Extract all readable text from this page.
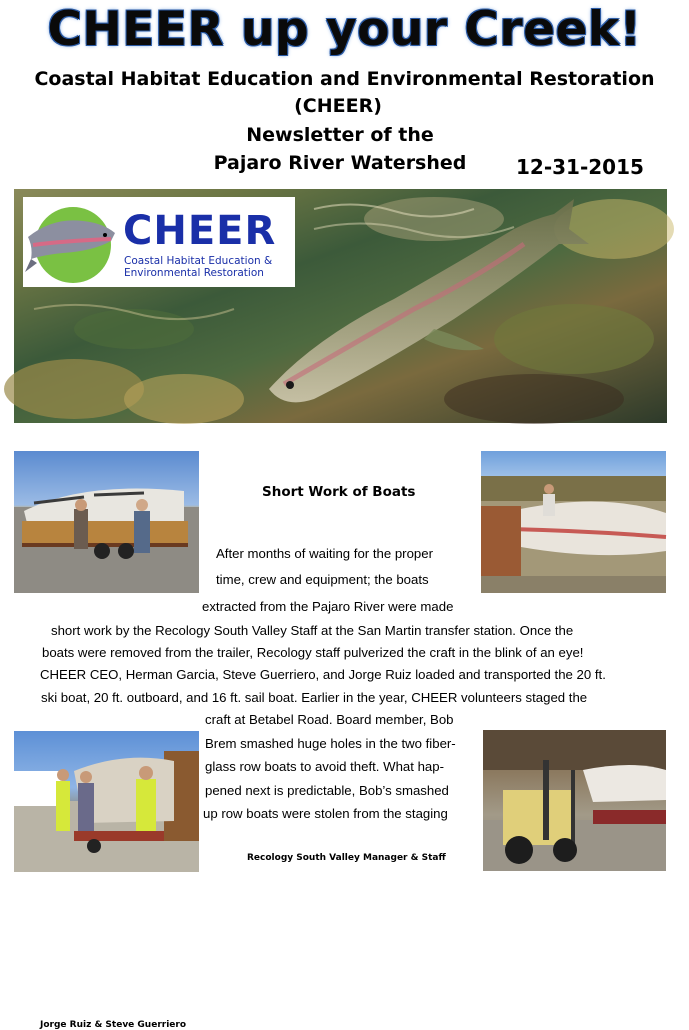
CHEER up your Creek!
Coastal Habitat Education and Environmental Restoration
(CHEER)
Newsletter of the
Pajaro River Watershed 12-31-2015
CHEER
Coastal Habitat Education &
Environmental Restoration
Jorge Ruiz & Steve Guerriero
Short Work of Boats
After months of waiting for the proper
time, crew and equipment; the boats
extracted from the Pajaro River were made
short work by the Recology South Valley Staff at the San Martin transfer station. Once the
boats were removed from the trailer, Recology staff pulverized the craft in the blink of an eye!
CHEER CEO, Herman Garcia, Steve Guerriero, and Jorge Ruiz loaded and transported the 20 ft.
ski boat, 20 ft. outboard, and 16 ft. sail boat. Earlier in the year, CHEER volunteers staged the
craft at Betabel Road. Board member, Bob
Brem smashed huge holes in the two fiber-
glass row boats to avoid theft. What hap-
pened next is predictable, Bob’s smashed
up row boats were stolen from the staging
Recology South Valley Manager & Staff
